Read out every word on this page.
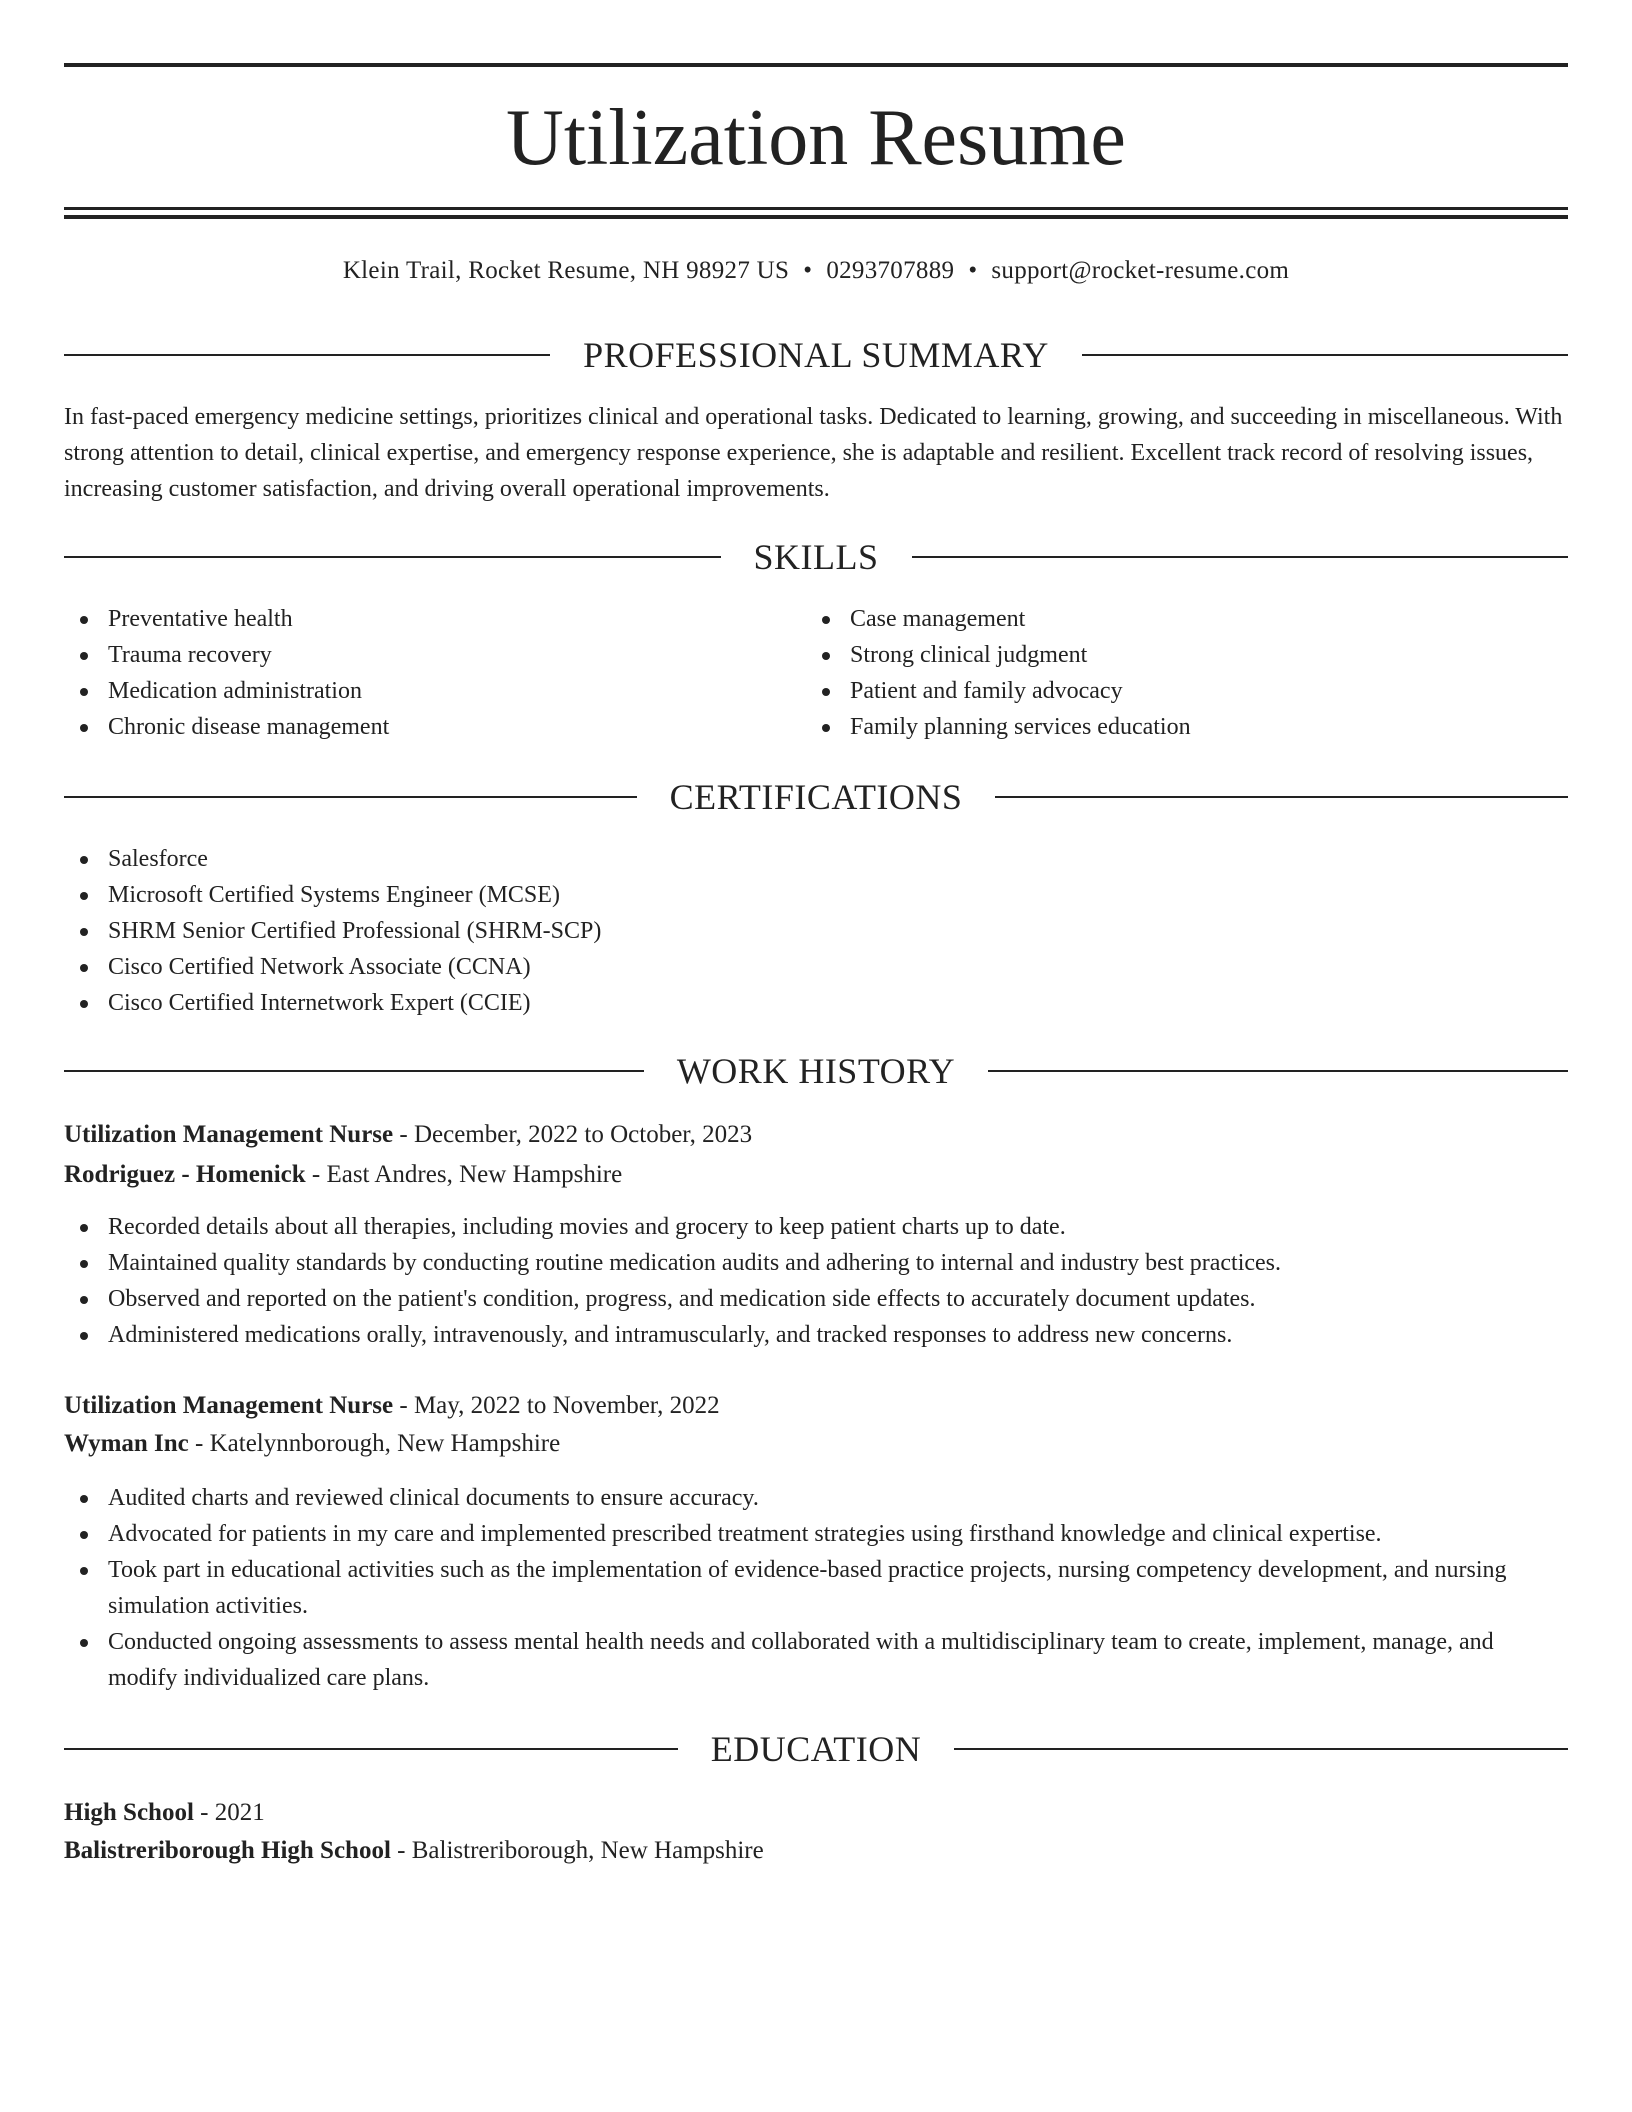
Utilization Resume
Klein Trail, Rocket Resume, NH 98927 US • 0293707889 • support@rocket-resume.com
PROFESSIONAL SUMMARY
In fast-paced emergency medicine settings, prioritizes clinical and operational tasks. Dedicated to learning, growing, and succeeding in miscellaneous. With strong attention to detail, clinical expertise, and emergency response experience, she is adaptable and resilient. Excellent track record of resolving issues, increasing customer satisfaction, and driving overall operational improvements.
SKILLS
Preventative health
Trauma recovery
Medication administration
Chronic disease management
Case management
Strong clinical judgment
Patient and family advocacy
Family planning services education
CERTIFICATIONS
Salesforce
Microsoft Certified Systems Engineer (MCSE)
SHRM Senior Certified Professional (SHRM-SCP)
Cisco Certified Network Associate (CCNA)
Cisco Certified Internetwork Expert (CCIE)
WORK HISTORY
Utilization Management Nurse - December, 2022 to October, 2023
Rodriguez - Homenick - East Andres, New Hampshire
Recorded details about all therapies, including movies and grocery to keep patient charts up to date.
Maintained quality standards by conducting routine medication audits and adhering to internal and industry best practices.
Observed and reported on the patient's condition, progress, and medication side effects to accurately document updates.
Administered medications orally, intravenously, and intramuscularly, and tracked responses to address new concerns.
Utilization Management Nurse - May, 2022 to November, 2022
Wyman Inc - Katelynnborough, New Hampshire
Audited charts and reviewed clinical documents to ensure accuracy.
Advocated for patients in my care and implemented prescribed treatment strategies using firsthand knowledge and clinical expertise.
Took part in educational activities such as the implementation of evidence-based practice projects, nursing competency development, and nursing simulation activities.
Conducted ongoing assessments to assess mental health needs and collaborated with a multidisciplinary team to create, implement, manage, and modify individualized care plans.
EDUCATION
High School - 2021
Balistreriborough High School - Balistreriborough, New Hampshire
